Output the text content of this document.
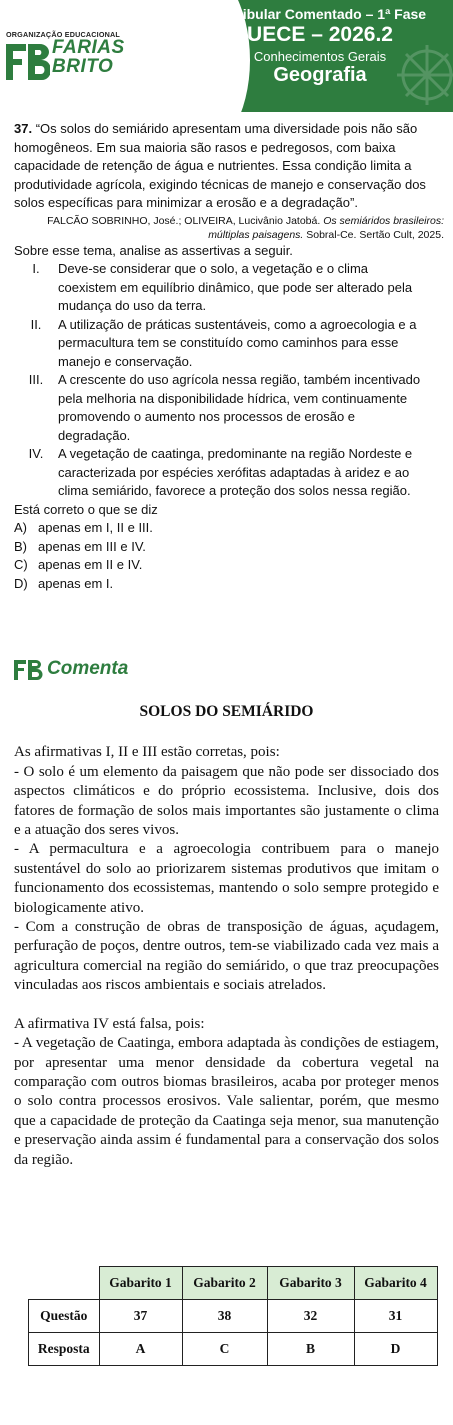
ORGANIZAÇÃO EDUCACIONAL
FARIAS
BRITO
Vestibular Comentado – 1ª Fase
UECE – 2026.2
Conhecimentos Gerais
Geografia

37. “Os solos do semiárido apresentam uma diversidade pois não são homogêneos. Em sua maioria são rasos e pedregosos, com baixa capacidade de retenção de água e nutrientes. Essa condição limita a produtividade agrícola, exigindo técnicas de manejo e conservação dos solos específicas para minimizar a erosão e a degradação”.

FALCÃO SOBRINHO, José.; OLIVEIRA, Lucivânio Jatobá. Os semiáridos brasileiros: múltiplas paisagens. Sobral-Ce. Sertão Cult, 2025.

Sobre esse tema, analise as assertivas a seguir.

I.	Deve-se considerar que o solo, a vegetação e o clima coexistem em equilíbrio dinâmico, que pode ser alterado pela mudança do uso da terra.
II.	A utilização de práticas sustentáveis, como a agroecologia e a permacultura tem se constituído como caminhos para esse manejo e conservação.
III.	A crescente do uso agrícola nessa região, também incentivado pela melhoria na disponibilidade hídrica, vem continuamente promovendo o aumento nos processos de erosão e degradação.
IV.	A vegetação de caatinga, predominante na região Nordeste e caracterizada por espécies xerófitas adaptadas à aridez e ao clima semiárido, favorece a proteção dos solos nessa região.

Está correto o que se diz

A) apenas em I, II e III.
B) apenas em III e IV.
C) apenas em II e IV.
D) apenas em I.
Comenta
SOLOS DO SEMIÁRIDO

As afirmativas I, II e III estão corretas, pois:

- O solo é um elemento da paisagem que não pode ser dissociado dos aspectos climáticos e do próprio ecossistema. Inclusive, dois dos fatores de formação de solos mais importantes são justamente o clima e a atuação dos seres vivos.

- A permacultura e a agroecologia contribuem para o manejo sustentável do solo ao priorizarem sistemas produtivos que imitam o funcionamento dos ecossistemas, mantendo o solo sempre protegido e biologicamente ativo.

- Com a construção de obras de transposição de águas, açudagem, perfuração de poços, dentre outros, tem-se viabilizado cada vez mais a agricultura comercial na região do semiárido, o que traz preocupações vinculadas aos riscos ambientais e sociais atrelados.

A afirmativa IV está falsa, pois:

- A vegetação de Caatinga, embora adaptada às condições de estiagem, por apresentar uma menor densidade da cobertura vegetal na comparação com outros biomas brasileiros, acaba por proteger menos o solo contra processos erosivos. Vale salientar, porém, que mesmo que a capacidade de proteção da Caatinga seja menor, sua manutenção e preservação ainda assim é fundamental para a conservação dos solos da região.

	Gabarito 1	Gabarito 2	Gabarito 3	Gabarito 4
Questão	37	38	32	31
Resposta	A	C	B	D
